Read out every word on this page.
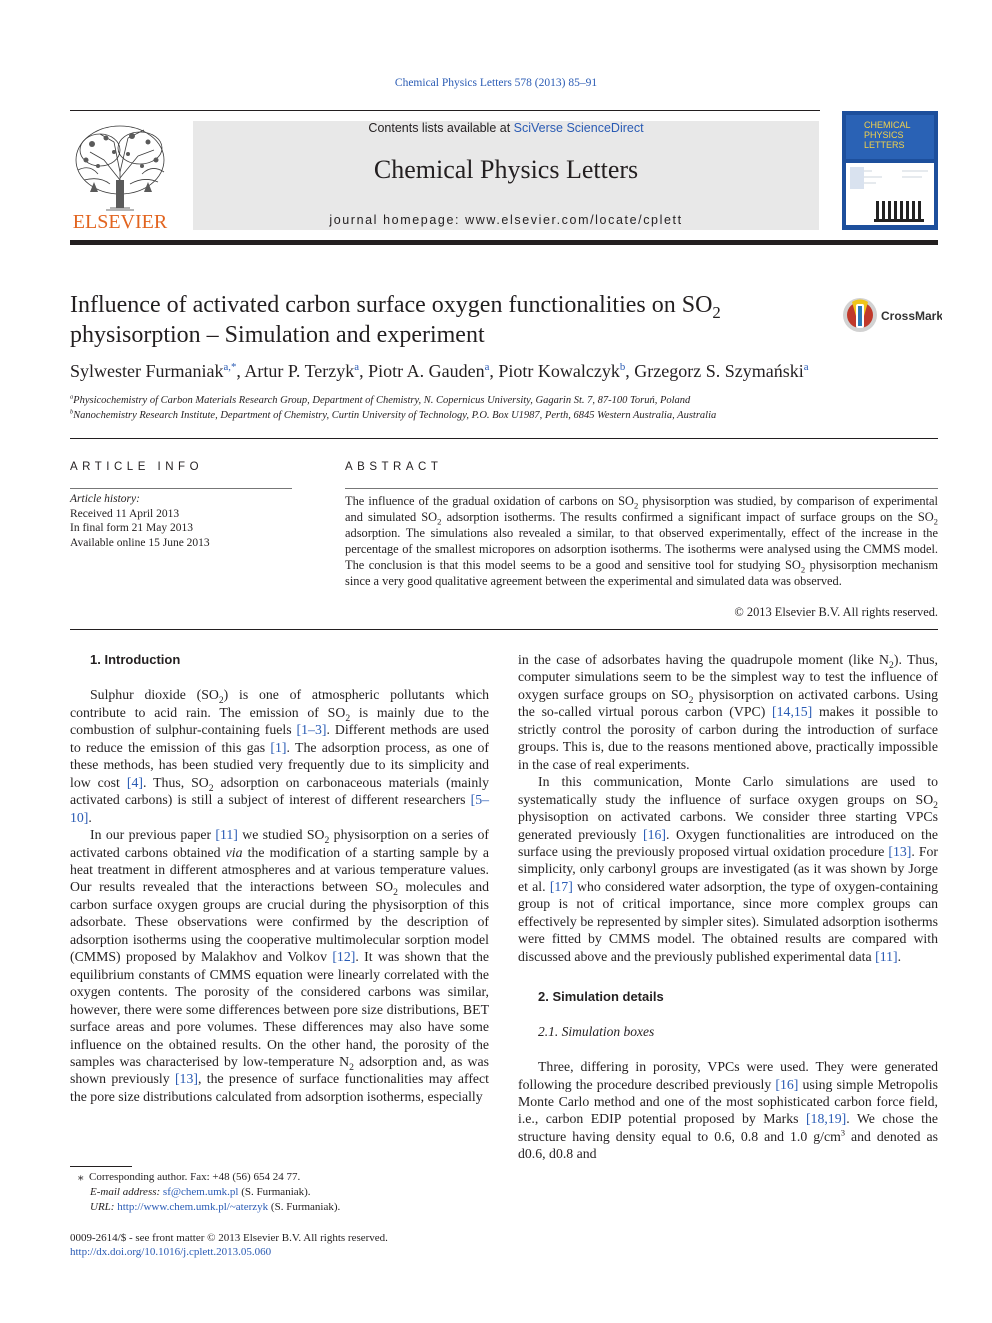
Chemical Physics Letters 578 (2013) 85–91
ELSEVIER
Contents lists available at SciVerse ScienceDirect
Chemical Physics Letters
journal homepage: www.elsevier.com/locate/cplett
CHEMICAL
PHYSICS
LETTERS
Influence of activated carbon surface oxygen functionalities on $SO_2$
physisorption – Simulation and experiment
CrossMark
Sylwester Furmaniak$^{a,*}$, Artur P. Terzyk$^a$, Piotr A. Gauden$^a$, Piotr Kowalczyk$^b$, Grzegorz S. Szymański$^a$
$^a$Physicochemistry of Carbon Materials Research Group, Department of Chemistry, N. Copernicus University, Gagarin St. 7, 87-100 Toruń, Poland
$^b$Nanochemistry Research Institute, Department of Chemistry, Curtin University of Technology, P.O. Box U1987, Perth, 6845 Western Australia, Australia
ARTICLE INFO	ABSTRACT
Article history:
Received 11 April 2013
In final form 21 May 2013
Available online 15 June 2013
The influence of the gradual oxidation of carbons on $SO_2$ physisorption was studied, by comparison of experimental and simulated $SO_2$ adsorption isotherms. The results confirmed a significant impact of surface groups on the $SO_2$ adsorption. The simulations also revealed a similar, to that observed experimentally, effect of the increase in the percentage of the smallest micropores on adsorption isotherms. The isotherms were analysed using the CMMS model. The conclusion is that this model seems to be a good and sensitive tool for studying $SO_2$ physisorption mechanism since a very good qualitative agreement between the experimental and simulated data was observed.
© 2013 Elsevier B.V. All rights reserved.

1. Introduction

Sulphur dioxide $(SO_2)$ is one of atmospheric pollutants which contribute to acid rain. The emission of $SO_2$ is mainly due to the combustion of sulphur-containing fuels [1–3]. Different methods are used to reduce the emission of this gas [1]. The adsorption process, as one of these methods, has been studied very frequently due to its simplicity and low cost [4]. Thus, $SO_2$ adsorption on carbonaceous materials (mainly activated carbons) is still a subject of interest of different researchers [5–10].

In our previous paper [11] we studied $SO_2$ physisorption on a series of activated carbons obtained via the modification of a starting sample by a heat treatment in different atmospheres and at various temperature values. Our results revealed that the interactions between $SO_2$ molecules and carbon surface oxygen groups are crucial during the physisorption of this adsorbate. These observations were confirmed by the description of adsorption isotherms using the cooperative multimolecular sorption model (CMMS) proposed by Malakhov and Volkov [12]. It was shown that the equilibrium constants of CMMS equation were linearly correlated with the oxygen contents. The porosity of the considered carbons was similar, however, there were some differences between pore size distributions, BET surface areas and pore volumes. These differences may also have some influence on the obtained results. On the other hand, the porosity of the samples was characterised by low-temperature $N_2$ adsorption and, as was shown previously [13], the presence of surface functionalities may affect the pore size distributions calculated from adsorption isotherms, especially

in the case of adsorbates having the quadrupole moment (like $N_2$). Thus, computer simulations seem to be the simplest way to test the influence of oxygen surface groups on $SO_2$ physisorption on activated carbons. Using the so-called virtual porous carbon (VPC) [14,15] makes it possible to strictly control the porosity of carbon during the introduction of surface groups. This is, due to the reasons mentioned above, practically impossible in the case of real experiments.

In this communication, Monte Carlo simulations are used to systematically study the influence of surface oxygen groups on $SO_2$ physisoption on activated carbons. We consider three starting VPCs generated previously [16]. Oxygen functionalities are introduced on the surface using the previously proposed virtual oxidation procedure [13]. For simplicity, only carbonyl groups are investigated (as it was shown by Jorge et al. [17] who considered water adsorption, the type of oxygen-containing group is not of critical importance, since more complex groups can effectively be represented by simpler sites). Simulated adsorption isotherms were fitted by CMMS model. The obtained results are compared with discussed above and the previously published experimental data [11].

2. Simulation details

2.1. Simulation boxes

Three, differing in porosity, VPCs were used. They were generated following the procedure described previously [16] using simple Metropolis Monte Carlo method and one of the most sophisticated carbon force field, i.e., carbon EDIP potential proposed by Marks [18,19]. We chose the structure having density equal to 0.6, 0.8 and 1.0 $g/cm^3$ and denoted as d0.6, d0.8 and

⁎ Corresponding author. Fax: +48 (56) 654 24 77.
E-mail address: sf@chem.umk.pl (S. Furmaniak).
URL: http://www.chem.umk.pl/~aterzyk (S. Furmaniak).
0009-2614/$ - see front matter © 2013 Elsevier B.V. All rights reserved.
http://dx.doi.org/10.1016/j.cplett.2013.05.060
